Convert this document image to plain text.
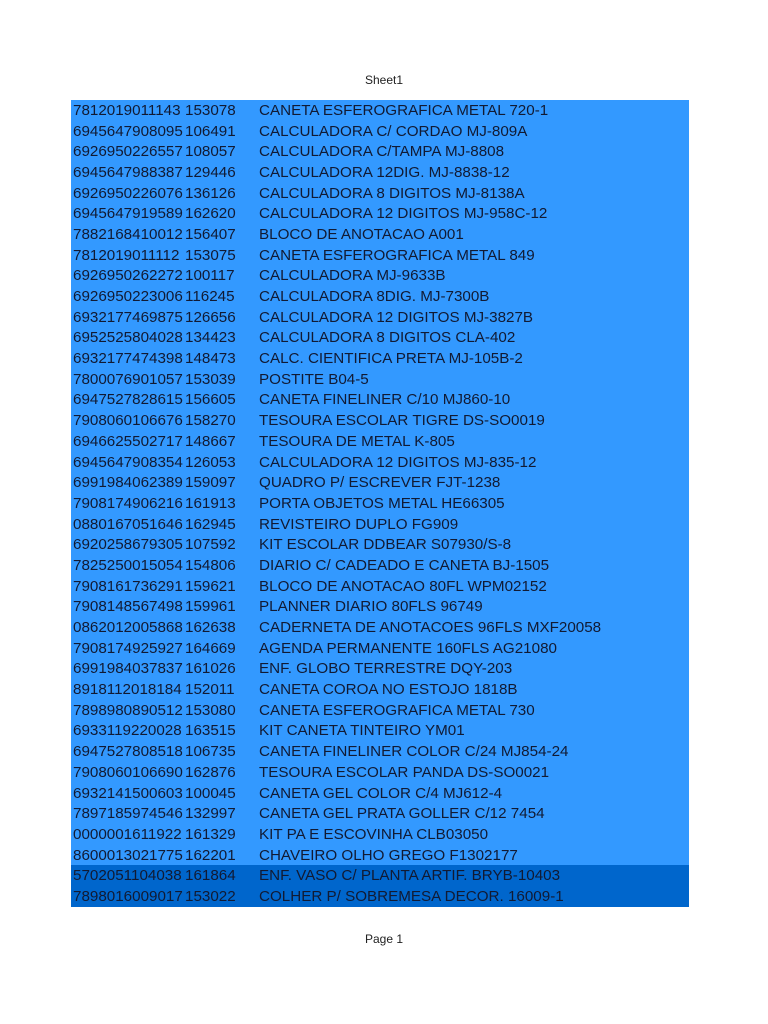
Sheet1
7812019011143 153078	CANETA ESFEROGRAFICA METAL 720-1
6945647908095 106491	CALCULADORA C/ CORDAO MJ-809A
6926950226557 108057	CALCULADORA C/TAMPA MJ-8808
6945647988387 129446	CALCULADORA 12DIG. MJ-8838-12
6926950226076 136126	CALCULADORA 8 DIGITOS MJ-8138A
6945647919589 162620	CALCULADORA 12 DIGITOS MJ-958C-12
7882168410012 156407	BLOCO DE ANOTACAO A001
7812019011112 153075	CANETA ESFEROGRAFICA METAL 849
6926950262272 100117	CALCULADORA MJ-9633B
6926950223006 116245	CALCULADORA 8DIG. MJ-7300B
6932177469875 126656	CALCULADORA 12 DIGITOS MJ-3827B
6952525804028 134423	CALCULADORA 8 DIGITOS CLA-402
6932177474398 148473	CALC. CIENTIFICA PRETA MJ-105B-2
7800076901057 153039	POSTITE B04-5
6947527828615 156605	CANETA FINELINER C/10 MJ860-10
7908060106676 158270	TESOURA ESCOLAR TIGRE DS-SO0019
6946625502717 148667	TESOURA DE METAL K-805
6945647908354 126053	CALCULADORA 12 DIGITOS MJ-835-12
6991984062389 159097	QUADRO P/ ESCREVER FJT-1238
7908174906216 161913	PORTA OBJETOS METAL HE66305
0880167051646 162945	REVISTEIRO DUPLO FG909
6920258679305 107592	KIT ESCOLAR DDBEAR S07930/S-8
7825250015054 154806	DIARIO C/ CADEADO E CANETA BJ-1505
7908161736291 159621	BLOCO DE ANOTACAO 80FL WPM02152
7908148567498 159961	PLANNER DIARIO 80FLS 96749
0862012005868 162638	CADERNETA DE ANOTACOES 96FLS MXF20058
7908174925927 164669	AGENDA PERMANENTE 160FLS AG21080
6991984037837 161026	ENF. GLOBO TERRESTRE DQY-203
8918112018184 152011	CANETA COROA NO ESTOJO 1818B
7898980890512 153080	CANETA ESFEROGRAFICA METAL 730
6933119220028 163515	KIT CANETA TINTEIRO YM01
6947527808518 106735	CANETA FINELINER COLOR C/24 MJ854-24
7908060106690 162876	TESOURA ESCOLAR PANDA DS-SO0021
6932141500603 100045	CANETA GEL COLOR C/4 MJ612-4
7897185974546 132997	CANETA GEL PRATA GOLLER C/12 7454
0000001611922 161329	KIT PA E ESCOVINHA CLB03050
8600013021775 162201	CHAVEIRO OLHO GREGO F1302177
5702051104038 161864	ENF. VASO C/ PLANTA ARTIF. BRYB-10403
7898016009017 153022	COLHER P/ SOBREMESA DECOR. 16009-1
Page 1
